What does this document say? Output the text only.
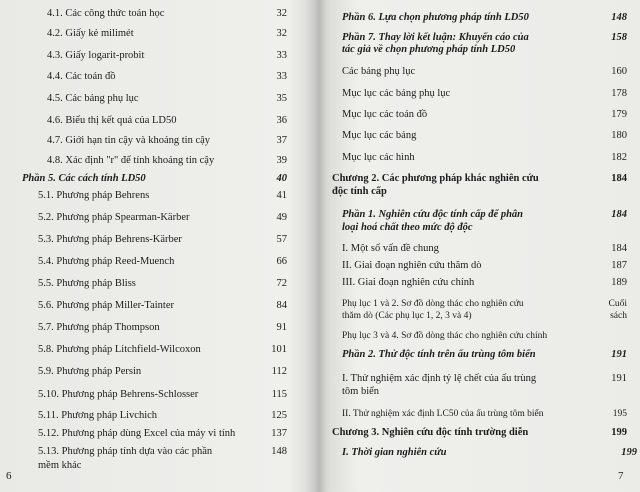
4.1. Các công thức toán học	32
4.2. Giấy kẻ milimét	32
4.3. Giấy logarit-probit	33
4.4. Các toán đồ	33
4.5. Các bảng phụ lục	35
4.6. Biểu thị kết quả của LD50	36
4.7. Giới hạn tin cậy và khoảng tin cậy	37
4.8. Xác định "r" để tính khoảng tin cậy	39
Phần 5. Các cách tính LD50	40
5.1. Phương pháp Behrens	41
5.2. Phương pháp Spearman-Kärber	49
5.3. Phương pháp Behrens-Kärber	57
5.4. Phương pháp Reed-Muench	66
5.5. Phương pháp Bliss	72
5.6. Phương pháp Miller-Tainter	84
5.7. Phương pháp Thompson	91
5.8. Phương pháp Litchfield-Wilcoxon	101
5.9. Phương pháp Persin	112
5.10. Phương pháp Behrens-Schlosser	115
5.11. Phương pháp Livchich	125
5.12. Phương pháp dùng Excel của máy vi tính	137
5.13. Phương pháp tính dựa vào các phần	148
mềm khác
6
Phần 6. Lựa chọn phương pháp tính LD50	148
Phần 7. Thay lời kết luận: Khuyến cáo của	158
tác giả về chọn phương pháp tính LD50
Các bảng phụ lục	160
Mục lục các bảng phụ lục	178
Mục lục các toán đồ	179
Mục lục các bảng	180
Mục lục các hình	182
Chương 2. Các phương pháp khác nghiên cứu	184
độc tính cấp
Phần 1. Nghiên cứu độc tính cấp để phân	184
loại hoá chất theo mức độ độc
I. Một số vấn đề chung	184
II. Giai đoạn nghiên cứu thăm dò	187
III. Giai đoạn nghiên cứu chính	189
Phụ lục 1 và 2. Sơ đồ dòng thác cho nghiên cứu	Cuối
thăm dò (Các phụ lục 1, 2, 3 và 4)	sách
Phụ lục 3 và 4. Sơ đồ dòng thác cho nghiên cứu chính
Phần 2. Thử độc tính trên ấu trùng tôm biển	191
I. Thử nghiệm xác định tỷ lệ chết của ấu trùng	191
tôm biển
II. Thử nghiệm xác định LC50 của ấu trùng tôm biển	195
Chương 3. Nghiên cứu độc tính trường diễn	199
I. Thời gian nghiên cứu	199
7
